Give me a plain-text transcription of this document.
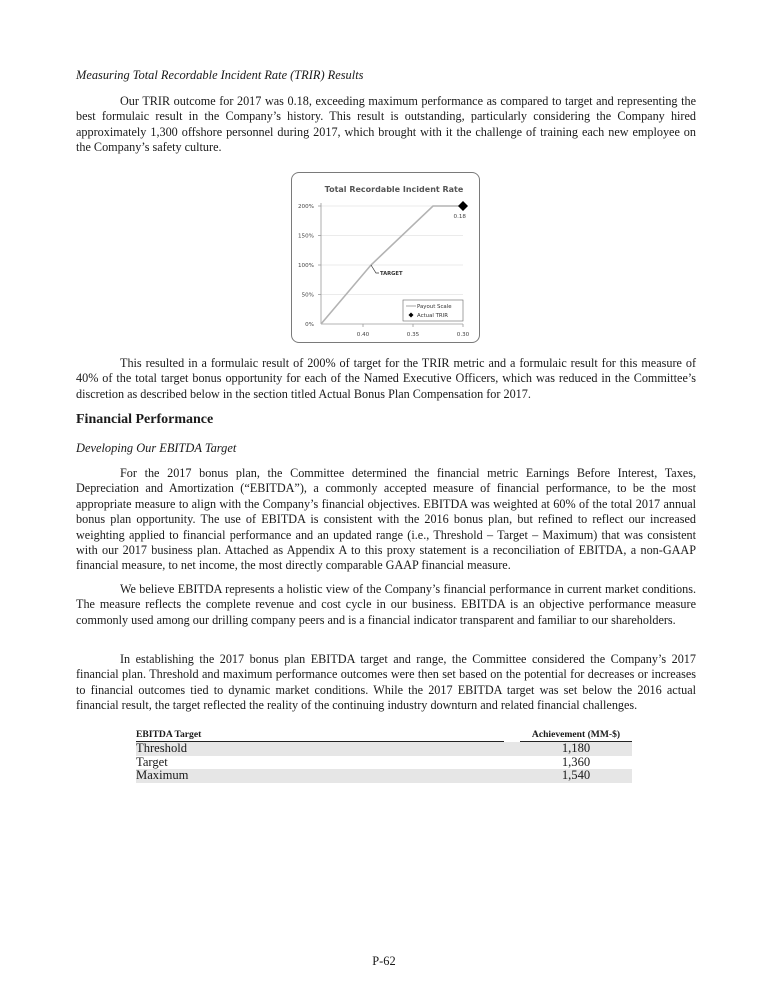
Measuring Total Recordable Incident Rate (TRIR) Results

Our TRIR outcome for 2017 was 0.18, exceeding maximum performance as compared to target and representing the best formulaic result in the Company’s history. This result is outstanding, particularly considering the Company hired approximately 1,300 offshore personnel during 2017, which brought with it the challenge of training each new employee on the Company’s safety culture.

This resulted in a formulaic result of 200% of target for the TRIR metric and a formulaic result for this measure of 40% of the total target bonus opportunity for each of the Named Executive Officers, which was reduced in the Committee’s discretion as described below in the section titled Actual Bonus Plan Compensation for 2017.

Financial Performance

Developing Our EBITDA Target

For the 2017 bonus plan, the Committee determined the financial metric Earnings Before Interest, Taxes, Depreciation and Amortization (“EBITDA”), a commonly accepted measure of financial performance, to be the most appropriate measure to align with the Company’s financial objectives. EBITDA was weighted at 60% of the total 2017 annual bonus plan opportunity. The use of EBITDA is consistent with the 2016 bonus plan, but refined to reflect our increased weighting applied to financial performance and an updated range (i.e., Threshold – Target – Maximum) that was consistent with our 2017 business plan. Attached as Appendix A to this proxy statement is a reconciliation of EBITDA, a non-GAAP financial measure, to net income, the most directly comparable GAAP financial measure.

We believe EBITDA represents a holistic view of the Company’s financial performance in current market conditions. The measure reflects the complete revenue and cost cycle in our business. EBITDA is an objective performance measure commonly used among our drilling company peers and is a financial indicator transparent and familiar to our shareholders.

In establishing the 2017 bonus plan EBITDA target and range, the Committee considered the Company’s 2017 financial plan. Threshold and maximum performance outcomes were then set based on the potential for decreases or increases to financial outcomes tied to dynamic market conditions. While the 2017 EBITDA target was set below the 2016 actual financial result, the target reflected the reality of the continuing industry downturn and related financial challenges.

Total Recordable Incident Rate
200%
150%
100%
50%
0%
0.40	0.35	0.30
TARGET
0.18
Payout Scale
Actual TRIR
EBITDA Target		Achievement (MM-$)
Threshold		1,180
Target		1,360
Maximum		1,540
P-62
